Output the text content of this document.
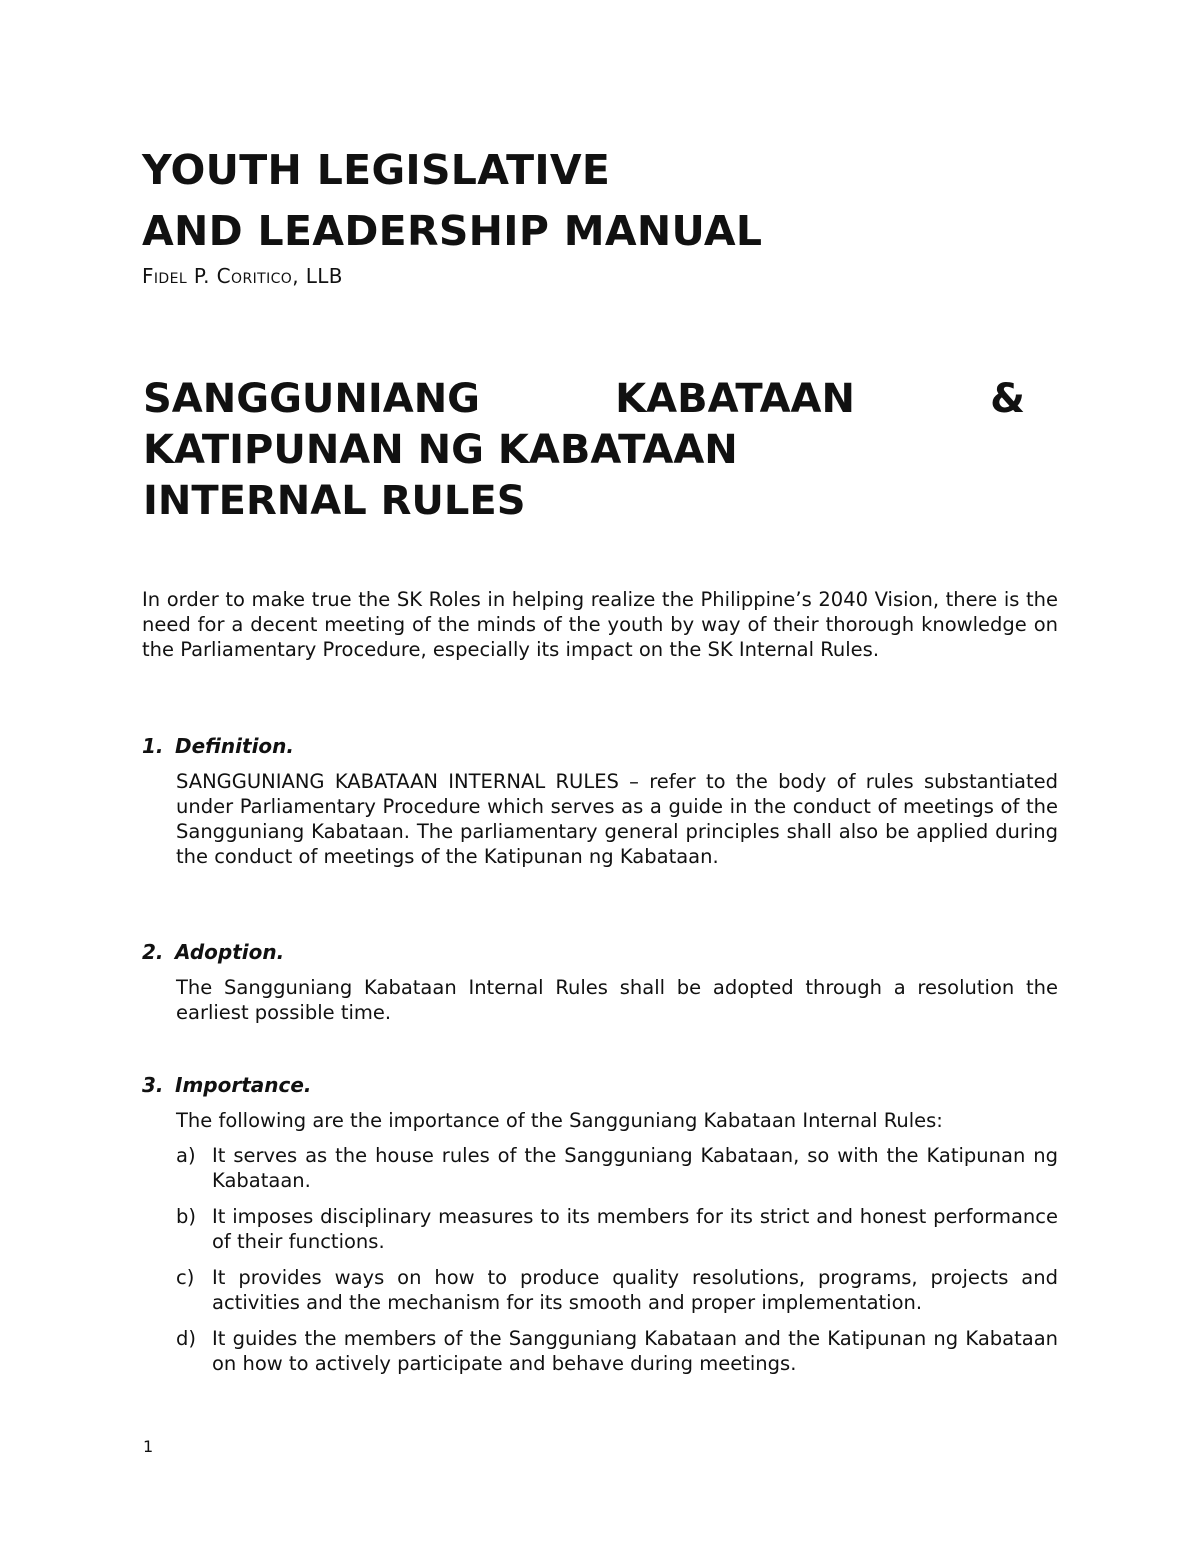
YOUTH LEGISLATIVE
AND LEADERSHIP MANUAL
Fidel P. Coritico, LLB
SANGGUNIANG	KABATAAN	&
KATIPUNAN NG KABATAAN
INTERNAL RULES

In order to make true the SK Roles in helping realize the Philippine’s 2040 Vision, there is the need for a decent meeting of the minds of the youth by way of their thorough knowledge on the Parliamentary Procedure, especially its impact on the SK Internal Rules.

1. Definition.

SANGGUNIANG KABATAAN INTERNAL RULES – refer to the body of rules substantiated under Parliamentary Procedure which serves as a guide in the conduct of meetings of the Sangguniang Kabataan. The parliamentary general principles shall also be applied during the conduct of meetings of the Katipunan ng Kabataan.

2. Adoption.

The Sangguniang Kabataan Internal Rules shall be adopted through a resolution the earliest possible time.

3. Importance.

The following are the importance of the Sangguniang Kabataan Internal Rules:

a) It serves as the house rules of the Sangguniang Kabataan, so with the Katipunan ng Kabataan.

b) It imposes disciplinary measures to its members for its strict and honest performance of their functions.

c) It provides ways on how to produce quality resolutions, programs, projects and activities and the mechanism for its smooth and proper implementation.

d) It guides the members of the Sangguniang Kabataan and the Katipunan ng Kabataan on how to actively participate and behave during meetings.

1
